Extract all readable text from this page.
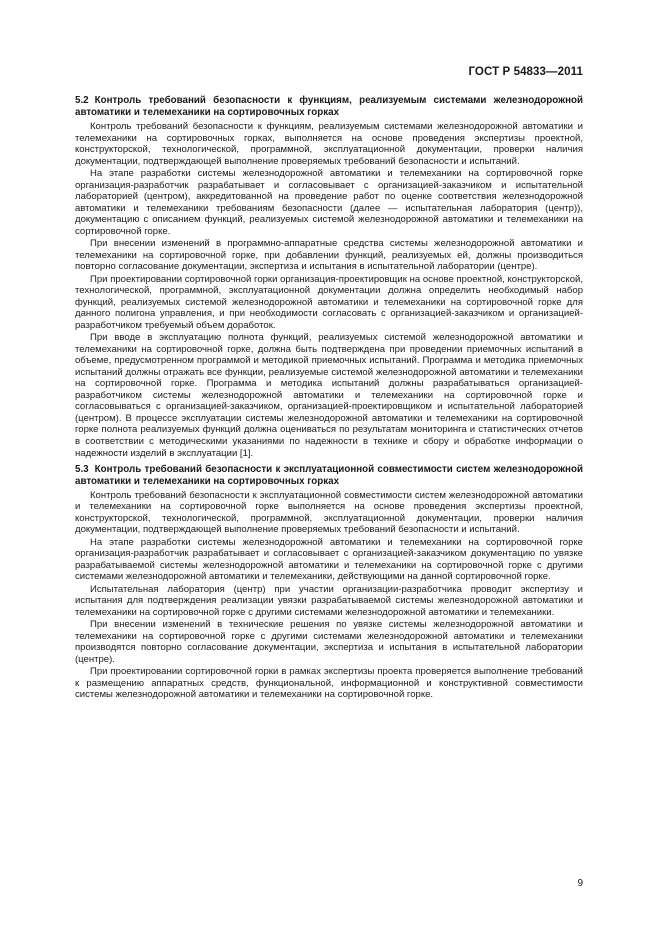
ГОСТ Р 54833—2011
5.2 Контроль требований безопасности к функциям, реализуемым системами железнодорожной автоматики и телемеханики на сортировочных горках

Контроль требований безопасности к функциям, реализуемым системами железнодорожной автоматики и телемеханики на сортировочных горках, выполняется на основе проведения экспертизы проектной, конструкторской, технологической, программной, эксплуатационной документации, проверки наличия документации, подтверждающей выполнение проверяемых требований безопасности и испытаний.

На этапе разработки системы железнодорожной автоматики и телемеханики на сортировочной горке организация-разработчик разрабатывает и согласовывает с организацией-заказчиком и испытательной лабораторией (центром), аккредитованной на проведение работ по оценке соответствия железнодорожной автоматики и телемеханики требованиям безопасности (далее — испытательная лаборатория (центр)), документацию с описанием функций, реализуемых системой железнодорожной автоматики и телемеханики на сортировочной горке.

При внесении изменений в программно-аппаратные средства системы железнодорожной автоматики и телемеханики на сортировочной горке, при добавлении функций, реализуемых ей, должны производиться повторно согласование документации, экспертиза и испытания в испытательной лаборатории (центре).

При проектировании сортировочной горки организация-проектировщик на основе проектной, конструкторской, технологической, программной, эксплуатационной документации должна определить необходимый набор функций, реализуемых системой железнодорожной автоматики и телемеханики на сортировочной горке для данного полигона управления, и при необходимости согласовать с организацией-заказчиком и организацией-разработчиком требуемый объем доработок.

При вводе в эксплуатацию полнота функций, реализуемых системой железнодорожной автоматики и телемеханики на сортировочной горке, должна быть подтверждена при проведении приемочных испытаний в объеме, предусмотренном программой и методикой приемочных испытаний. Программа и методика приемочных испытаний должны отражать все функции, реализуемые системой железнодорожной автоматики и телемеханики на сортировочной горке. Программа и методика испытаний должны разрабатываться организацией-разработчиком системы железнодорожной автоматики и телемеханики на сортировочной горке и согласовываться с организацией-заказчиком, организацией-проектировщиком и испытательной лабораторией (центром). В процессе эксплуатации системы железнодорожной автоматики и телемеханики на сортировочной горке полнота реализуемых функций должна оцениваться по результатам мониторинга и статистических отчетов в соответствии с методическими указаниями по надежности в технике и сбору и обработке информации о надежности изделий в эксплуатации [1].

5.3 Контроль требований безопасности к эксплуатационной совместимости систем железнодорожной автоматики и телемеханики на сортировочных горках

Контроль требований безопасности к эксплуатационной совместимости систем железнодорожной автоматики и телемеханики на сортировочной горке выполняется на основе проведения экспертизы проектной, конструкторской, технологической, программной, эксплуатационной документации, проверки наличия документации, подтверждающей выполнение проверяемых требований безопасности и испытаний.

На этапе разработки системы железнодорожной автоматики и телемеханики на сортировочной горке организация-разработчик разрабатывает и согласовывает с организацией-заказчиком документацию по увязке разрабатываемой системы железнодорожной автоматики и телемеханики на сортировочной горке с другими системами железнодорожной автоматики и телемеханики, действующими на данной сортировочной горке.

Испытательная лаборатория (центр) при участии организации-разработчика проводит экспертизу и испытания для подтверждения реализации увязки разрабатываемой системы железнодорожной автоматики и телемеханики на сортировочной горке с другими системами железнодорожной автоматики и телемеханики.

При внесении изменений в технические решения по увязке системы железнодорожной автоматики и телемеханики на сортировочной горке с другими системами железнодорожной автоматики и телемеханики производятся повторно согласование документации, экспертиза и испытания в испытательной лаборатории (центре).

При проектировании сортировочной горки в рамках экспертизы проекта проверяется выполнение требований к размещению аппаратных средств, функциональной, информационной и конструктивной совместимости системы железнодорожной автоматики и телемеханики на сортировочной горке.

9
